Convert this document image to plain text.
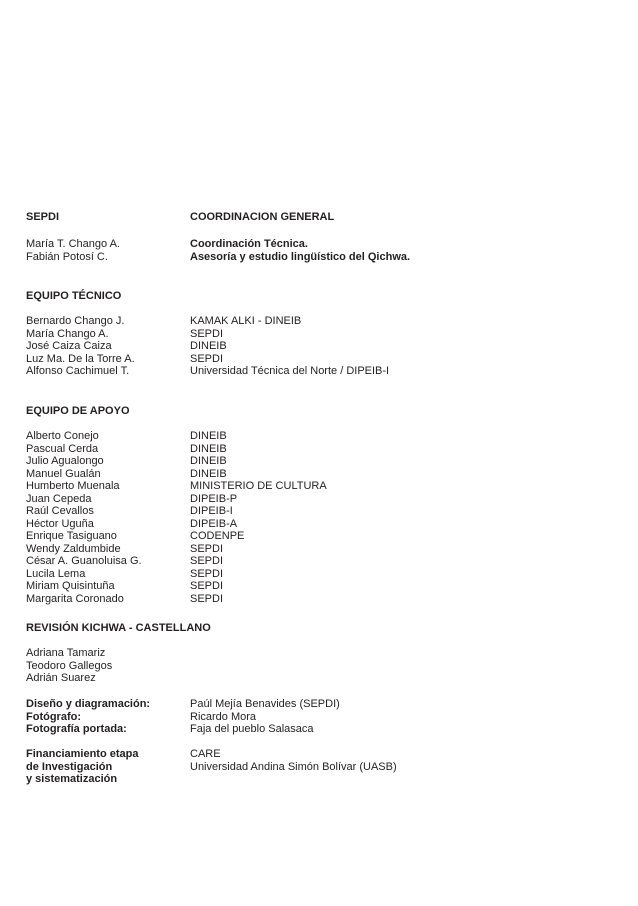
SEPDI	COORDINACION GENERAL
María T. Chango A.	Coordinación Técnica.
Fabián Potosí C.	Asesoría y estudio lingüístico del Qichwa.
EQUIPO TÉCNICO
Bernardo Chango J.	KAMAK ALKI - DINEIB
María Chango A.	SEPDI
José Caiza Caiza	DINEIB
Luz Ma. De la Torre A.	SEPDI
Alfonso Cachimuel T.	Universidad Técnica del Norte / DIPEIB-I
EQUIPO DE APOYO
Alberto Conejo	DINEIB
Pascual Cerda	DINEIB
Julio Agualongo	DINEIB
Manuel Gualán	DINEIB
Humberto Muenala	MINISTERIO DE CULTURA
Juan Cepeda	DIPEIB-P
Raúl Cevallos	DIPEIB-I
Héctor Uguña	DIPEIB-A
Enrique Tasiguano	CODENPE
Wendy Zaldumbide	SEPDI
César A. Guanoluisa G.	SEPDI
Lucila Lema	SEPDI
Miriam Quisintuña	SEPDI
Margarita Coronado	SEPDI
REVISIÓN KICHWA - CASTELLANO
Adriana Tamariz
Teodoro Gallegos
Adrián Suarez
Diseño y diagramación:	Paúl Mejía Benavides (SEPDI)
Fotógrafo:	Ricardo Mora
Fotografía portada:	Faja del pueblo Salasaca
Financiamiento etapa	CARE
de Investigación	Universidad Andina Simón Bolívar (UASB)
y sistematización
